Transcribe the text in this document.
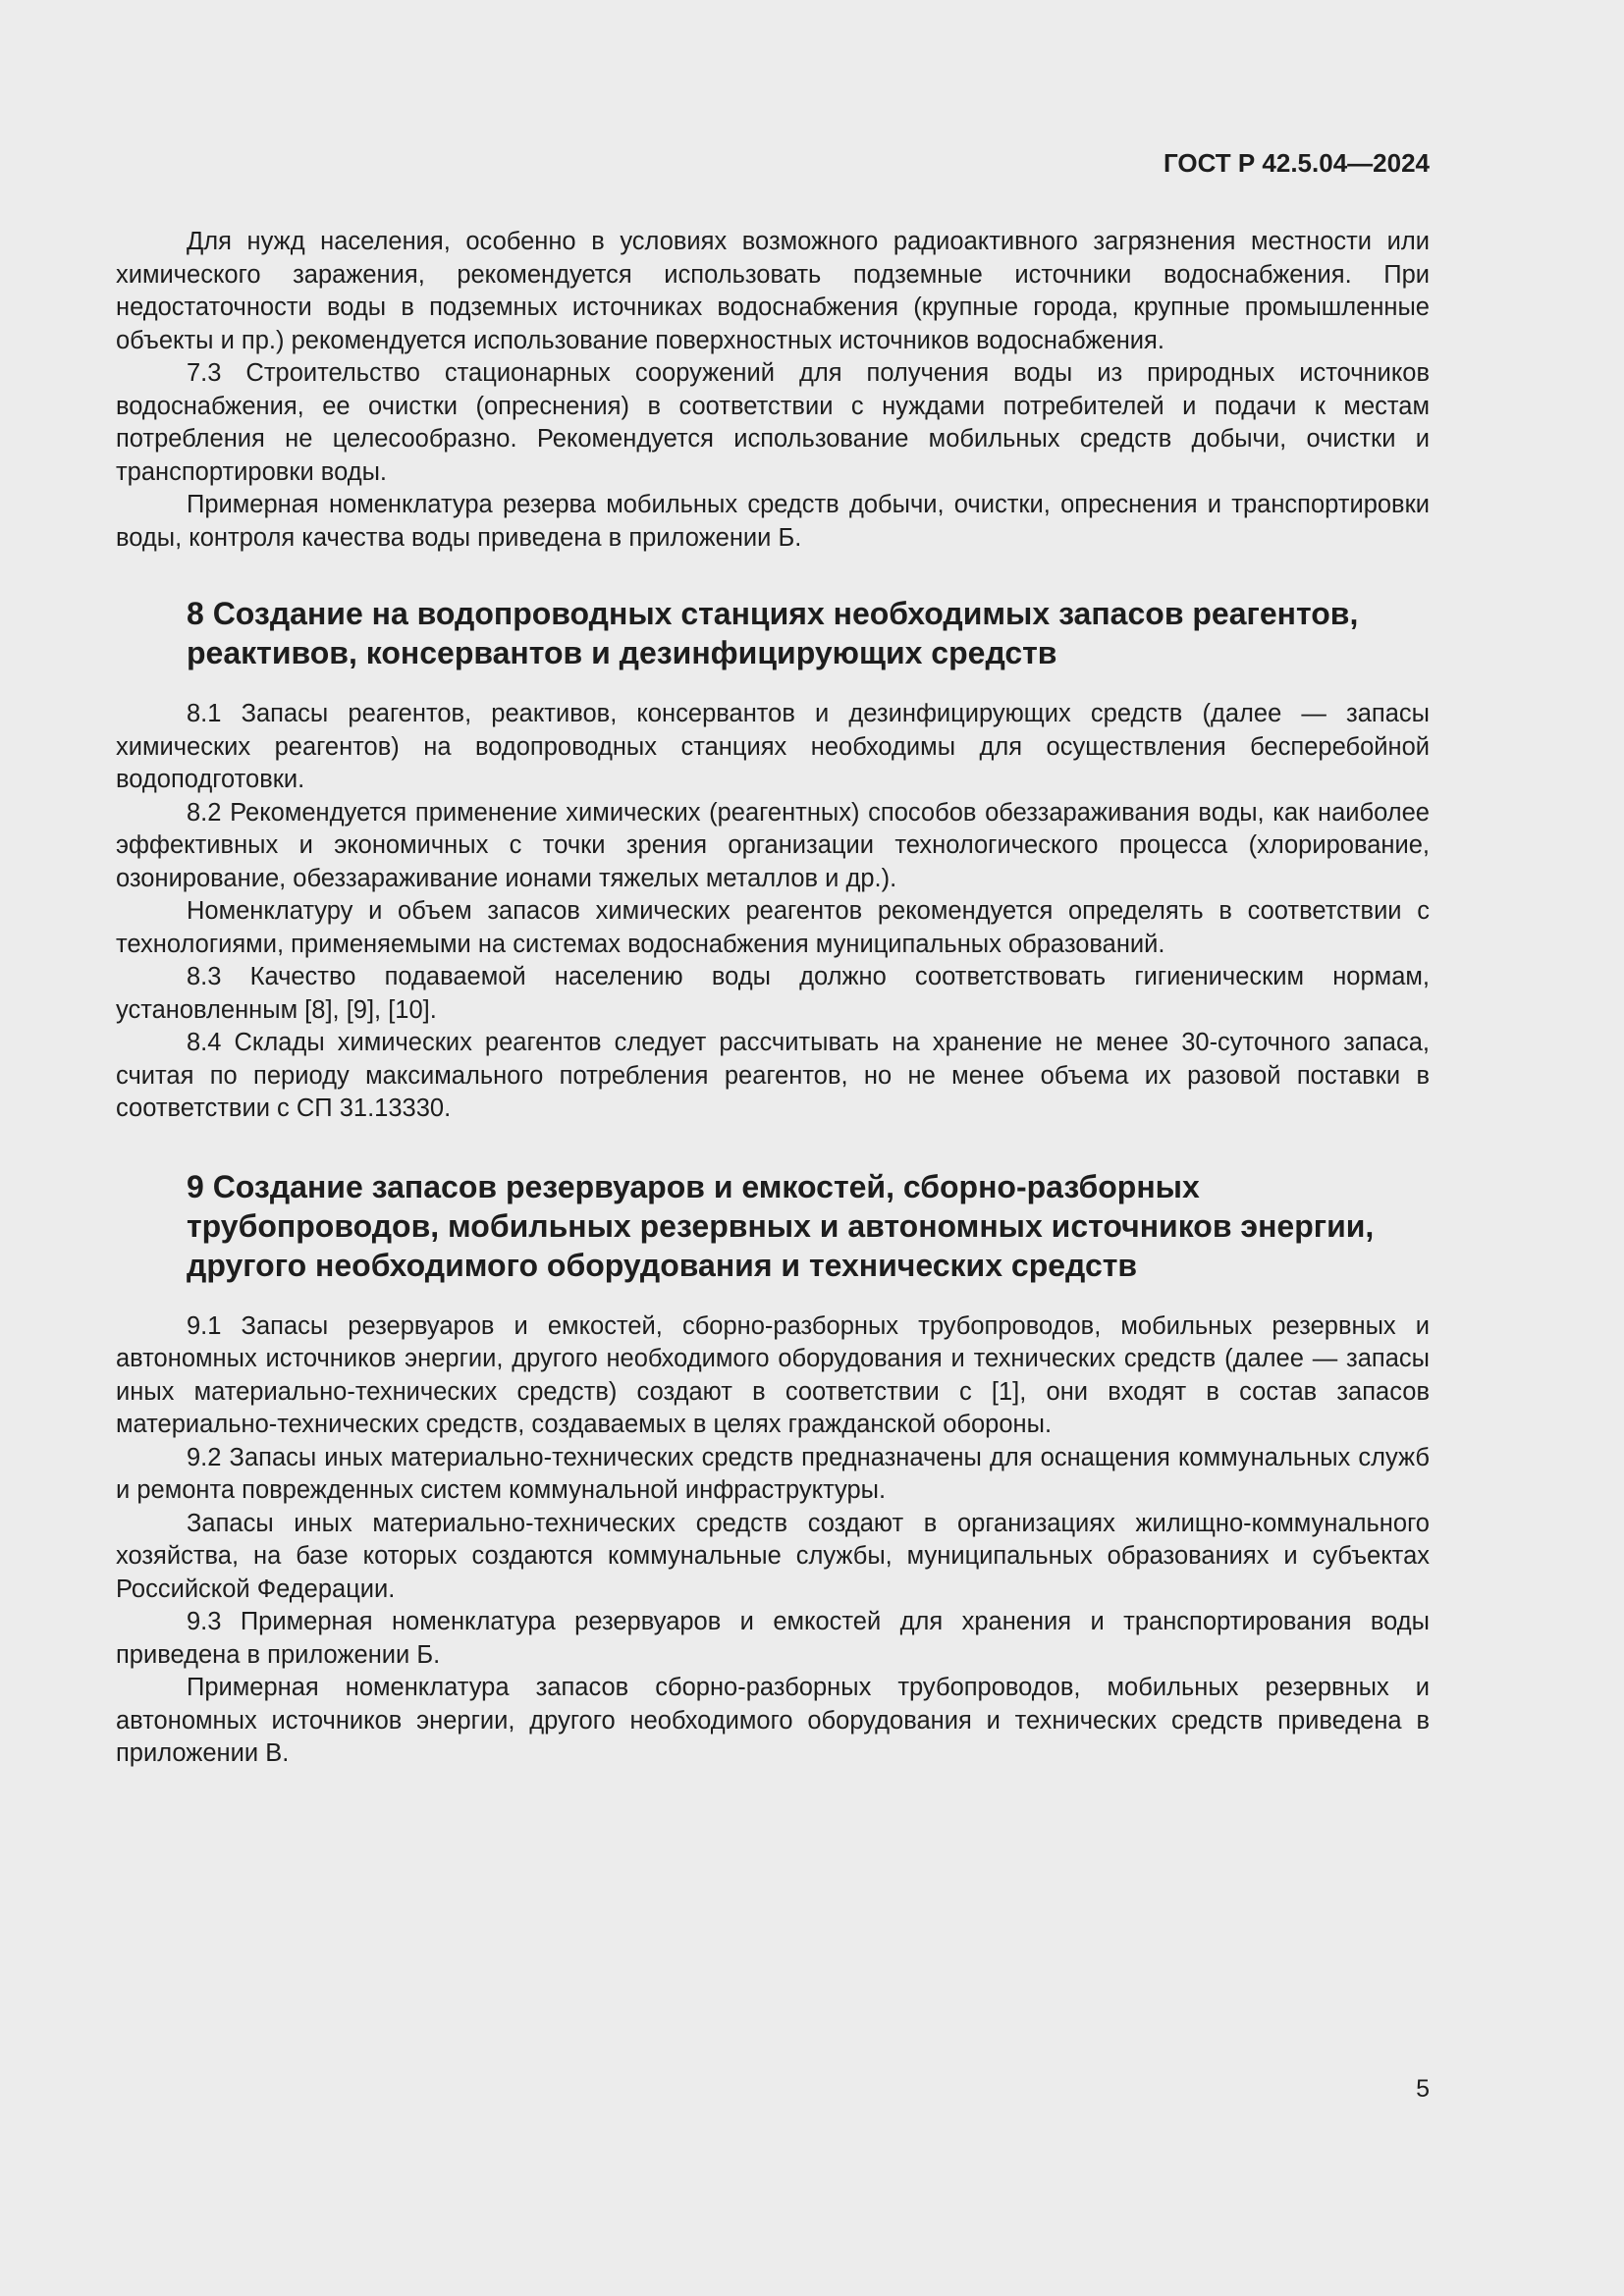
ГОСТ Р 42.5.04—2024

Для нужд населения, особенно в условиях возможного радиоактивного загрязнения местности или химического заражения, рекомендуется использовать подземные источники водоснабжения. При недостаточности воды в подземных источниках водоснабжения (крупные города, крупные промышленные объекты и пр.) рекомендуется использование поверхностных источников водоснабжения.

7.3 Строительство стационарных сооружений для получения воды из природных источников водоснабжения, ее очистки (опреснения) в соответствии с нуждами потребителей и подачи к местам потребления не целесообразно. Рекомендуется использование мобильных средств добычи, очистки и транспортировки воды.

Примерная номенклатура резерва мобильных средств добычи, очистки, опреснения и транспортировки воды, контроля качества воды приведена в приложении Б.

8 Создание на водопроводных станциях необходимых запасов реагентов, реактивов, консервантов и дезинфицирующих средств

8.1 Запасы реагентов, реактивов, консервантов и дезинфицирующих средств (далее — запасы химических реагентов) на водопроводных станциях необходимы для осуществления бесперебойной водоподготовки.

8.2 Рекомендуется применение химических (реагентных) способов обеззараживания воды, как наиболее эффективных и экономичных с точки зрения организации технологического процесса (хлорирование, озонирование, обеззараживание ионами тяжелых металлов и др.).

Номенклатуру и объем запасов химических реагентов рекомендуется определять в соответствии с технологиями, применяемыми на системах водоснабжения муниципальных образований.

8.3 Качество подаваемой населению воды должно соответствовать гигиеническим нормам, установленным [8], [9], [10].

8.4 Склады химических реагентов следует рассчитывать на хранение не менее 30-суточного запаса, считая по периоду максимального потребления реагентов, но не менее объема их разовой поставки в соответствии с СП 31.13330.

9 Создание запасов резервуаров и емкостей, сборно-разборных трубопроводов, мобильных резервных и автономных источников энергии, другого необходимого оборудования и технических средств

9.1 Запасы резервуаров и емкостей, сборно-разборных трубопроводов, мобильных резервных и автономных источников энергии, другого необходимого оборудования и технических средств (далее — запасы иных материально-технических средств) создают в соответствии с [1], они входят в состав запасов материально-технических средств, создаваемых в целях гражданской обороны.

9.2 Запасы иных материально-технических средств предназначены для оснащения коммунальных служб и ремонта поврежденных систем коммунальной инфраструктуры.

Запасы иных материально-технических средств создают в организациях жилищно-коммунального хозяйства, на базе которых создаются коммунальные службы, муниципальных образованиях и субъектах Российской Федерации.

9.3 Примерная номенклатура резервуаров и емкостей для хранения и транспортирования воды приведена в приложении Б.

Примерная номенклатура запасов сборно-разборных трубопроводов, мобильных резервных и автономных источников энергии, другого необходимого оборудования и технических средств приведена в приложении В.

5
